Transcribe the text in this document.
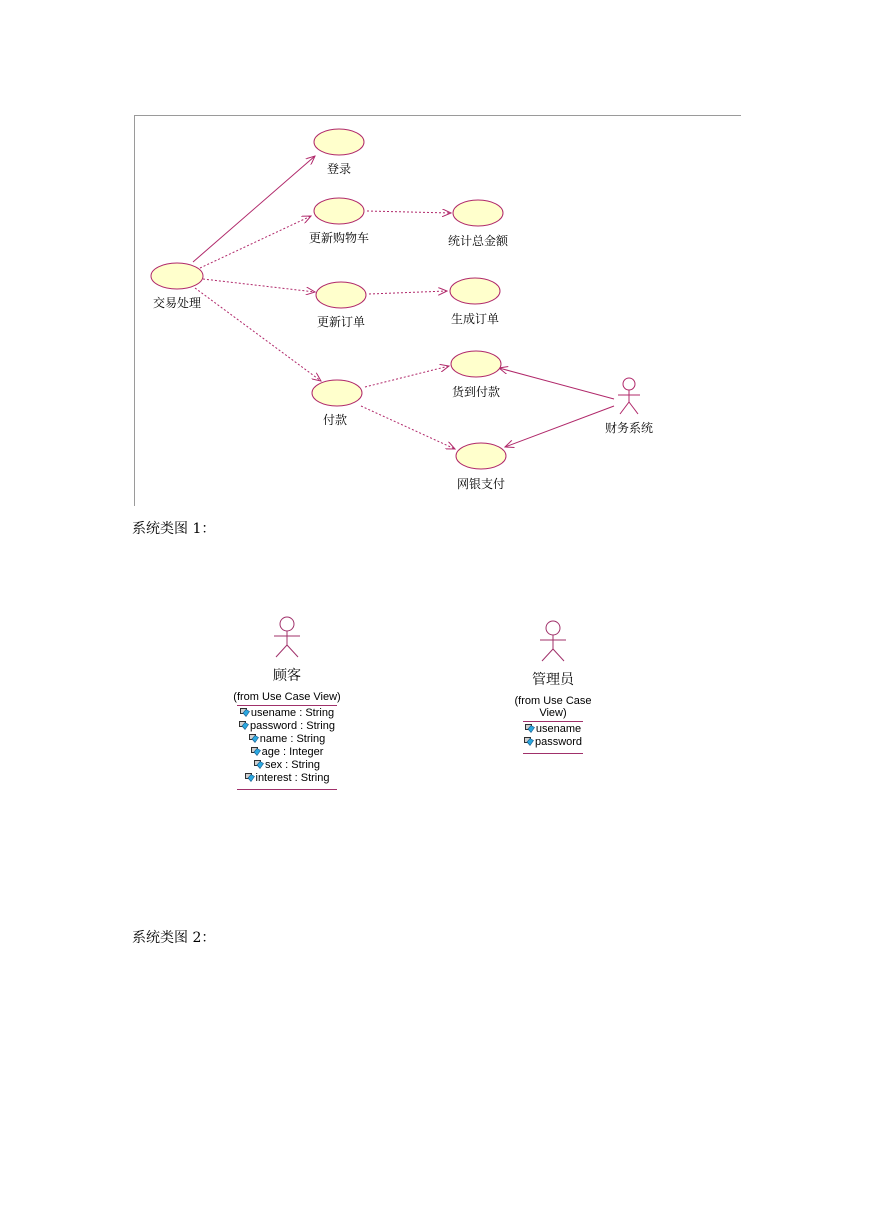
登录
更新购物车	统计总金额
交易处理
更新订单	生成订单
货到付款
付款
网银支付
财务系统
系统类图 1：
顾客
(from Use Case View)
usename : String
password : String
name : String
age : Integer
sex : String
interest : String
管理员
(from Use Case View)
usename
password
系统类图 2：
